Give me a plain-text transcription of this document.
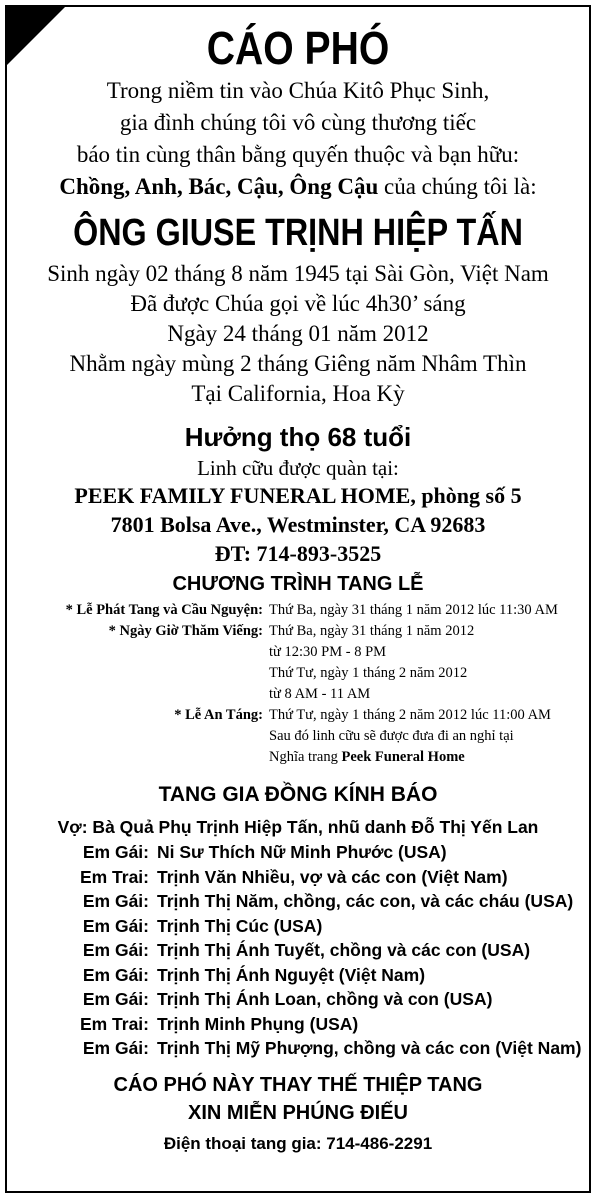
CÁO PHÓ
Trong niềm tin vào Chúa Kitô Phục Sinh,
gia đình chúng tôi vô cùng thương tiếc
báo tin cùng thân bằng quyến thuộc và bạn hữu:
Chồng, Anh, Bác, Cậu, Ông Cậu của chúng tôi là:
ÔNG GIUSE TRỊNH HIỆP TẤN
Sinh ngày 02 tháng 8 năm 1945 tại Sài Gòn, Việt Nam
Đã được Chúa gọi về lúc 4h30’ sáng
Ngày 24 tháng 01 năm 2012
Nhằm ngày mùng 2 tháng Giêng năm Nhâm Thìn
Tại California, Hoa Kỳ
Hưởng thọ 68 tuổi
Linh cữu được quàn tại:
PEEK FAMILY FUNERAL HOME, phòng số 5
7801 Bolsa Ave., Westminster, CA 92683
ĐT: 714-893-3525
CHƯƠNG TRÌNH TANG LỄ
* Lễ Phát Tang và Cầu Nguyện: Thứ Ba, ngày 31 tháng 1 năm 2012 lúc 11:30 AM
* Ngày Giờ Thăm Viếng: Thứ Ba, ngày 31 tháng 1 năm 2012
từ 12:30 PM - 8 PM
Thứ Tư, ngày 1 tháng 2 năm 2012
từ 8 AM - 11 AM
* Lễ An Táng: Thứ Tư, ngày 1 tháng 2 năm 2012 lúc 11:00 AM
Sau đó linh cữu sẽ được đưa đi an nghỉ tại
Nghĩa trang Peek Funeral Home
TANG GIA ĐỒNG KÍNH BÁO
Vợ: Bà Quả Phụ Trịnh Hiệp Tấn, nhũ danh Đỗ Thị Yến Lan
Em Gái: Ni Sư Thích Nữ Minh Phước (USA)
Em Trai: Trịnh Văn Nhiều, vợ và các con (Việt Nam)
Em Gái: Trịnh Thị Năm, chồng, các con, và các cháu (USA)
Em Gái: Trịnh Thị Cúc (USA)
Em Gái: Trịnh Thị Ánh Tuyết, chồng và các con (USA)
Em Gái: Trịnh Thị Ánh Nguyệt (Việt Nam)
Em Gái: Trịnh Thị Ánh Loan, chồng và con (USA)
Em Trai: Trịnh Minh Phụng (USA)
Em Gái: Trịnh Thị Mỹ Phượng, chồng và các con (Việt Nam)
CÁO PHÓ NÀY THAY THẾ THIỆP TANG
XIN MIỄN PHÚNG ĐIẾU
Điện thoại tang gia: 714-486-2291
